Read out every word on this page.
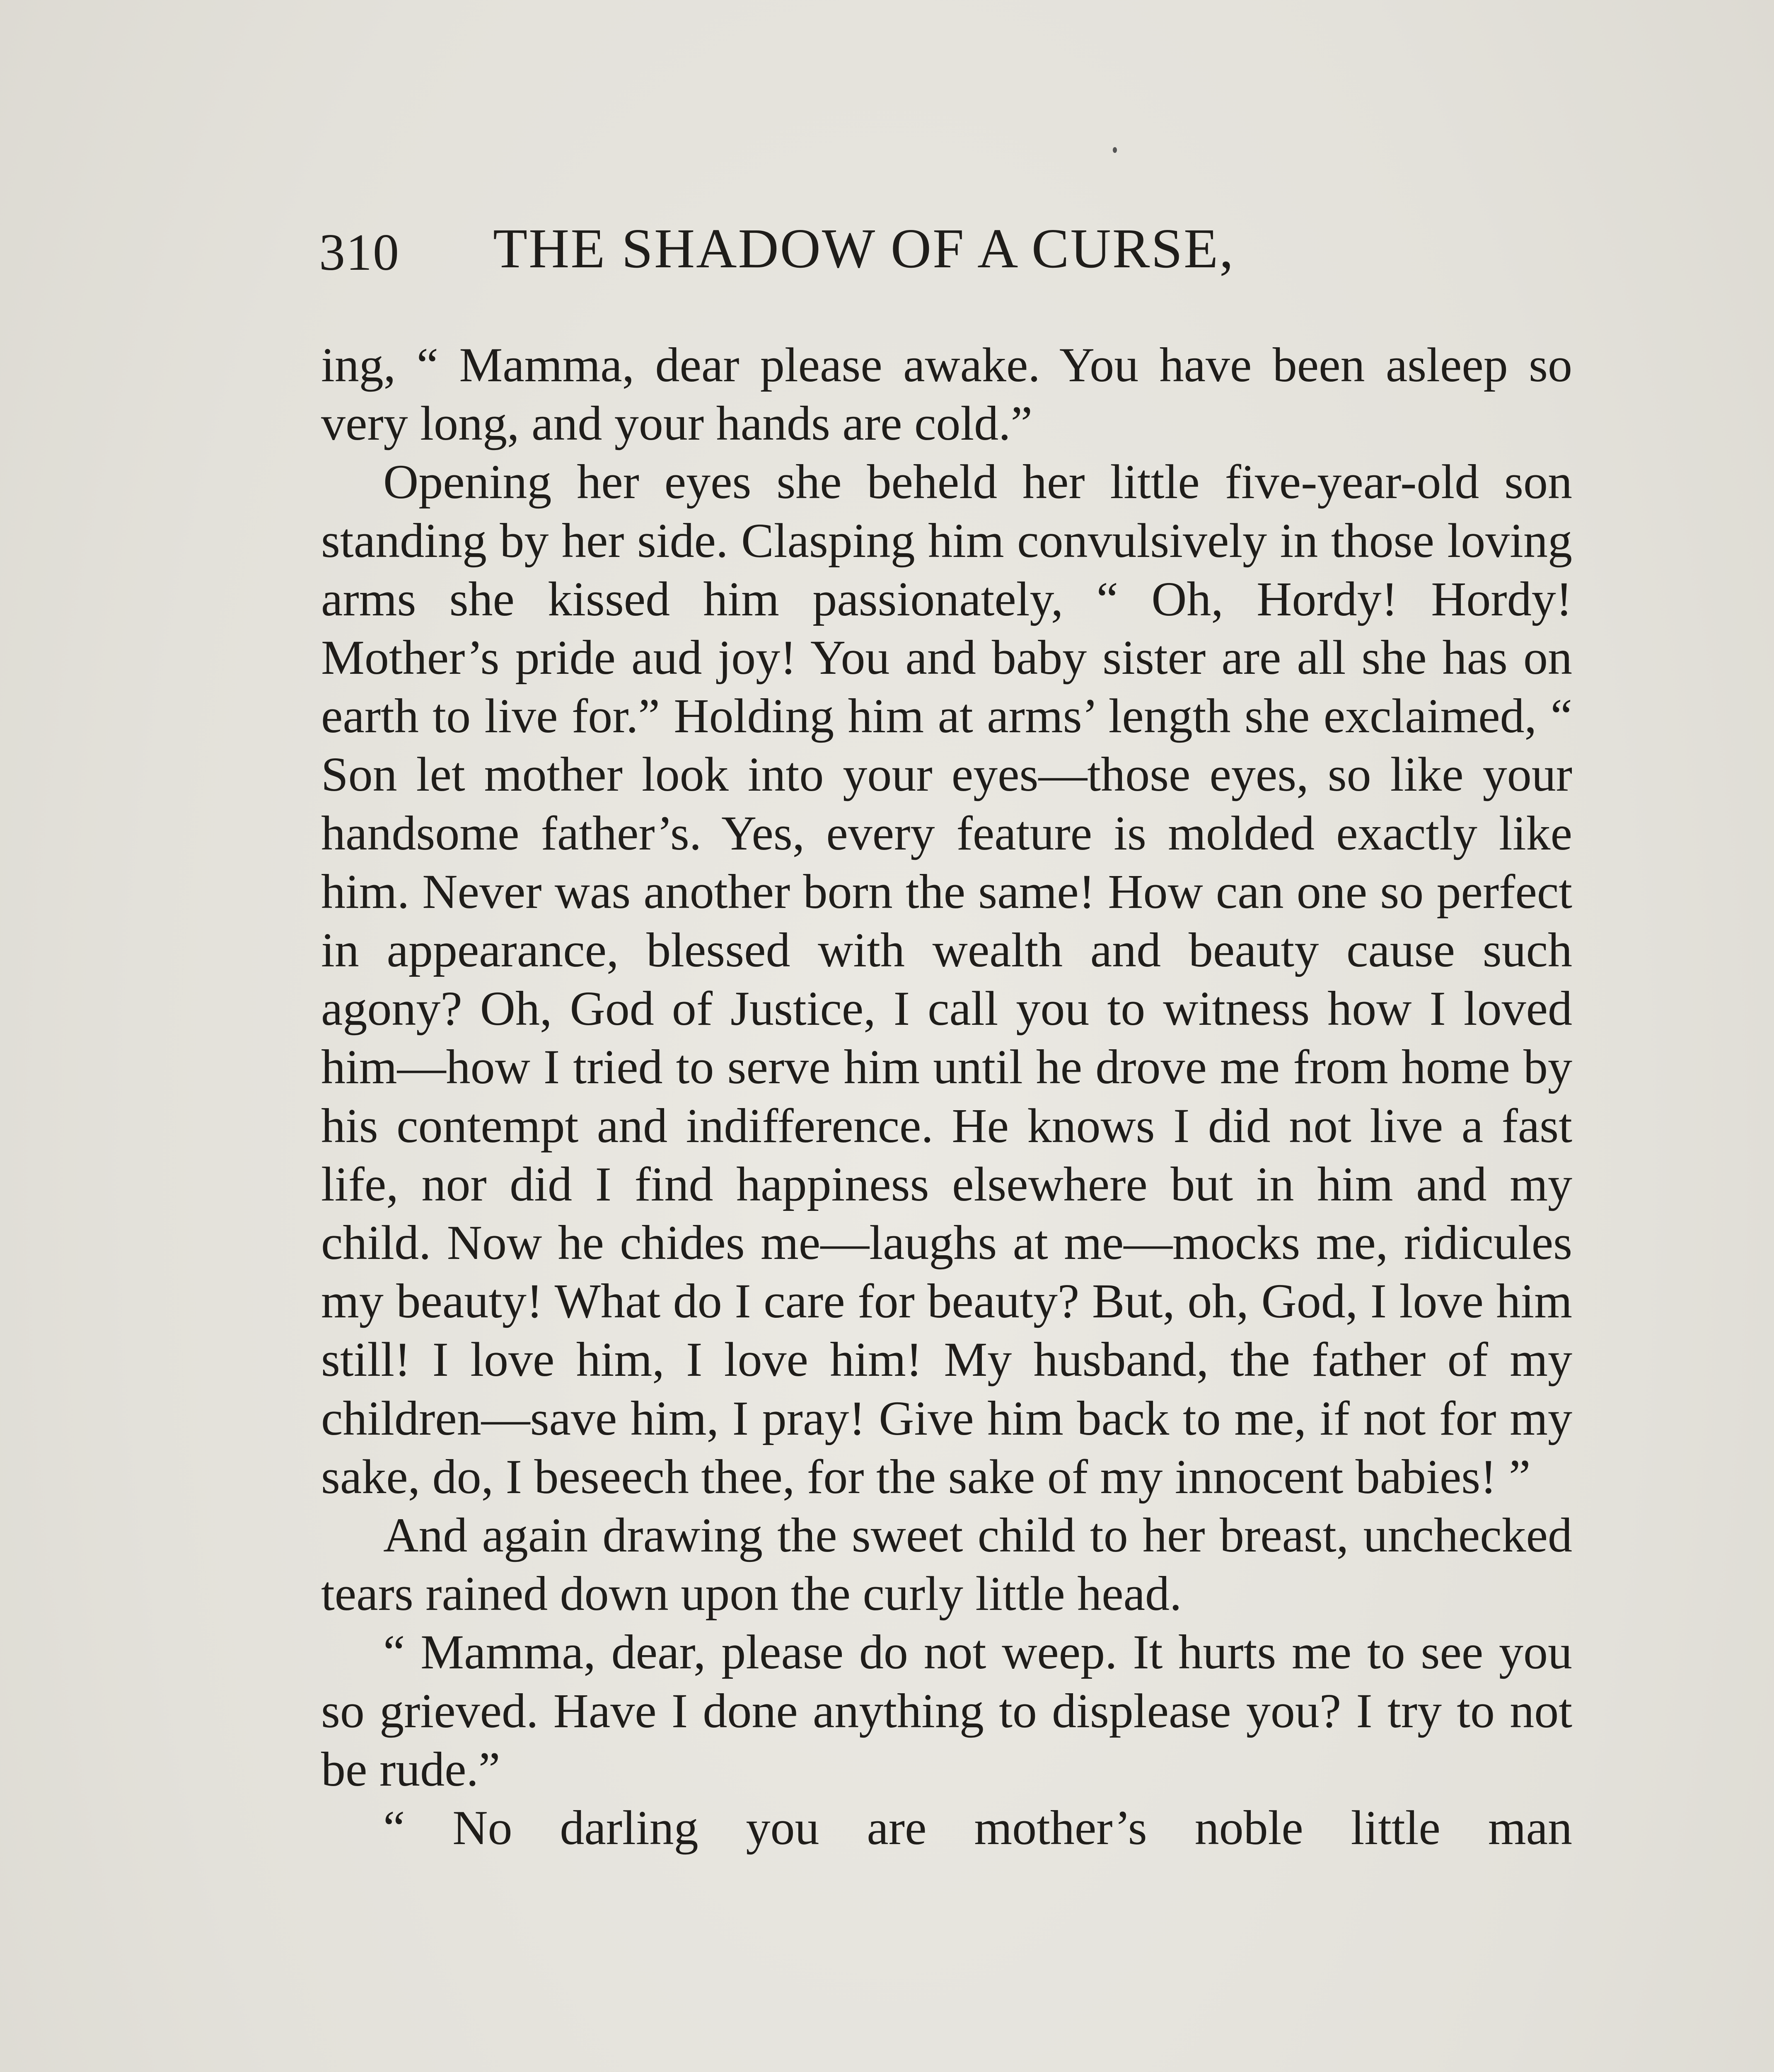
310 THE SHADOW OF A CURSE,

ing, “ Mamma, dear please awake. You have been asleep so very long, and your hands are cold.”

Opening her eyes she beheld her little five-year-old son standing by her side. Clasping him convulsively in those loving arms she kissed him passionately, “ Oh, Hordy! Hordy! Mother’s pride aud joy! You and baby sister are all she has on earth to live for.” Holding him at arms’ length she exclaimed, “ Son let mother look into your eyes—those eyes, so like your handsome father’s. Yes, every feature is molded exactly like him. Never was another born the same! How can one so perfect in appearance, blessed with wealth and beauty cause such agony? Oh, God of Justice, I call you to witness how I loved him—how I tried to serve him until he drove me from home by his contempt and indifference. He knows I did not live a fast life, nor did I find happiness elsewhere but in him and my child. Now he chides me—laughs at me—mocks me, ridicules my beauty! What do I care for beauty? But, oh, God, I love him still! I love him, I love him! My husband, the father of my children—save him, I pray! Give him back to me, if not for my sake, do, I beseech thee, for the sake of my innocent babies! ”

And again drawing the sweet child to her breast, unchecked tears rained down upon the curly little head.

“ Mamma, dear, please do not weep. It hurts me to see you so grieved. Have I done anything to displease you? I try to not be rude.”

“ No darling you are mother’s noble little man
